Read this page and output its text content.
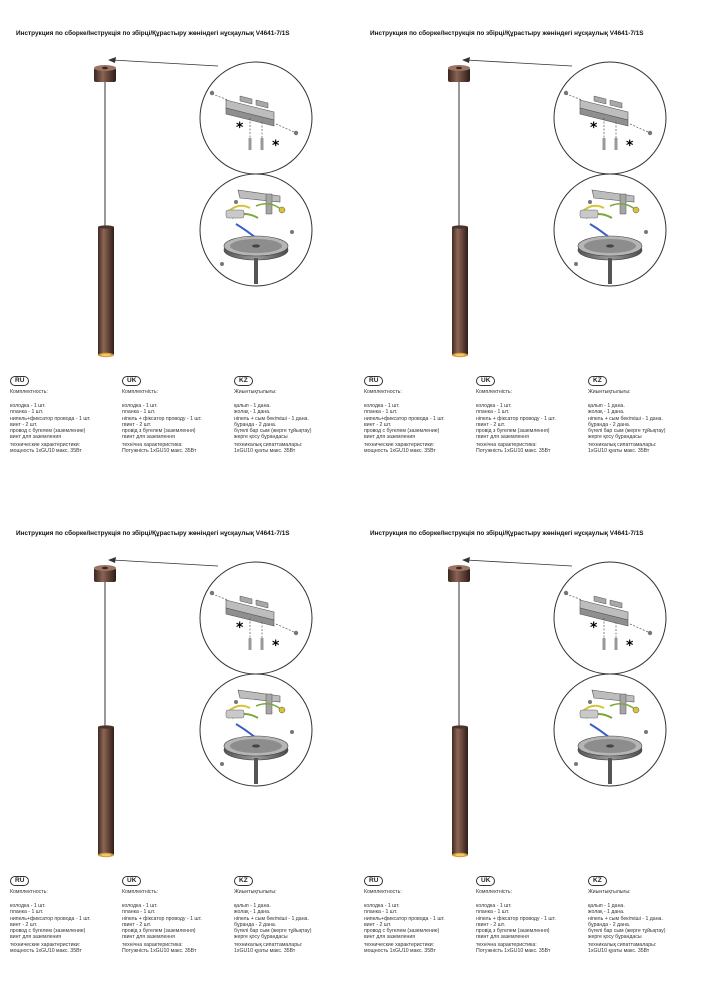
Инструкция по сборке/Інструкція по збірці/Құрастыру жөніндегі нұсқаулық V4641-7/1S
*
*
RU
Комплектность:
колодка - 1 шт.
планка - 1 шт.
нипель+фиксатор провода - 1 шт.
винт - 2 шт.
провод с бугелем (заземление)
винт для заземления
технические характеристики:
мощность 1xGU10 макс. 35Вт
UK
Комплектність:
колодка - 1 шт.
планка - 1 шт.
ніпель + фіксатор проводу - 1 шт.
гвинт - 2 шт.
провід з бугелем (заземлення)
гвинт для заземлення
технічна характеристика:
Потужність 1xGU10 макс. 35Вт
KZ
Жиынтықтылығы:
қалып - 1 дана.
жолақ - 1 дана.
ніпель + сым бекіткіші - 1 дана.
бұранда - 2 дана.
бүгелі бар сым (жерге тұйықтау)
жерге қосу бұрандасы
техникалық сипаттамалары:
1xGU10 қуаты макс. 35Вт
Инструкция по сборке/Інструкція по збірці/Құрастыру жөніндегі нұсқаулық V4641-7/1S
*
*
RU
Комплектность:
колодка - 1 шт.
планка - 1 шт.
нипель+фиксатор провода - 1 шт.
винт - 2 шт.
провод с бугелем (заземление)
винт для заземления
технические характеристики:
мощность 1xGU10 макс. 35Вт
UK
Комплектність:
колодка - 1 шт.
планка - 1 шт.
ніпель + фіксатор проводу - 1 шт.
гвинт - 2 шт.
провід з бугелем (заземлення)
гвинт для заземлення
технічна характеристика:
Потужність 1xGU10 макс. 35Вт
KZ
Жиынтықтылығы:
қалып - 1 дана.
жолақ - 1 дана.
ніпель + сым бекіткіші - 1 дана.
бұранда - 2 дана.
бүгелі бар сым (жерге тұйықтау)
жерге қосу бұрандасы
техникалық сипаттамалары:
1xGU10 қуаты макс. 35Вт
Инструкция по сборке/Інструкція по збірці/Құрастыру жөніндегі нұсқаулық V4641-7/1S
*
*
RU
Комплектность:
колодка - 1 шт.
планка - 1 шт.
нипель+фиксатор провода - 1 шт.
винт - 2 шт.
провод с бугелем (заземление)
винт для заземления
технические характеристики:
мощность 1xGU10 макс. 35Вт
UK
Комплектність:
колодка - 1 шт.
планка - 1 шт.
ніпель + фіксатор проводу - 1 шт.
гвинт - 2 шт.
провід з бугелем (заземлення)
гвинт для заземлення
технічна характеристика:
Потужність 1xGU10 макс. 35Вт
KZ
Жиынтықтылығы:
қалып - 1 дана.
жолақ - 1 дана.
ніпель + сым бекіткіші - 1 дана.
бұранда - 2 дана.
бүгелі бар сым (жерге тұйықтау)
жерге қосу бұрандасы
техникалық сипаттамалары:
1xGU10 қуаты макс. 35Вт
Инструкция по сборке/Інструкція по збірці/Құрастыру жөніндегі нұсқаулық V4641-7/1S
*
*
RU
Комплектность:
колодка - 1 шт.
планка - 1 шт.
нипель+фиксатор провода - 1 шт.
винт - 2 шт.
провод с бугелем (заземление)
винт для заземления
технические характеристики:
мощность 1xGU10 макс. 35Вт
UK
Комплектність:
колодка - 1 шт.
планка - 1 шт.
ніпель + фіксатор проводу - 1 шт.
гвинт - 2 шт.
провід з бугелем (заземлення)
гвинт для заземлення
технічна характеристика:
Потужність 1xGU10 макс. 35Вт
KZ
Жиынтықтылығы:
қалып - 1 дана.
жолақ - 1 дана.
ніпель + сым бекіткіші - 1 дана.
бұранда - 2 дана.
бүгелі бар сым (жерге тұйықтау)
жерге қосу бұрандасы
техникалық сипаттамалары:
1xGU10 қуаты макс. 35Вт
